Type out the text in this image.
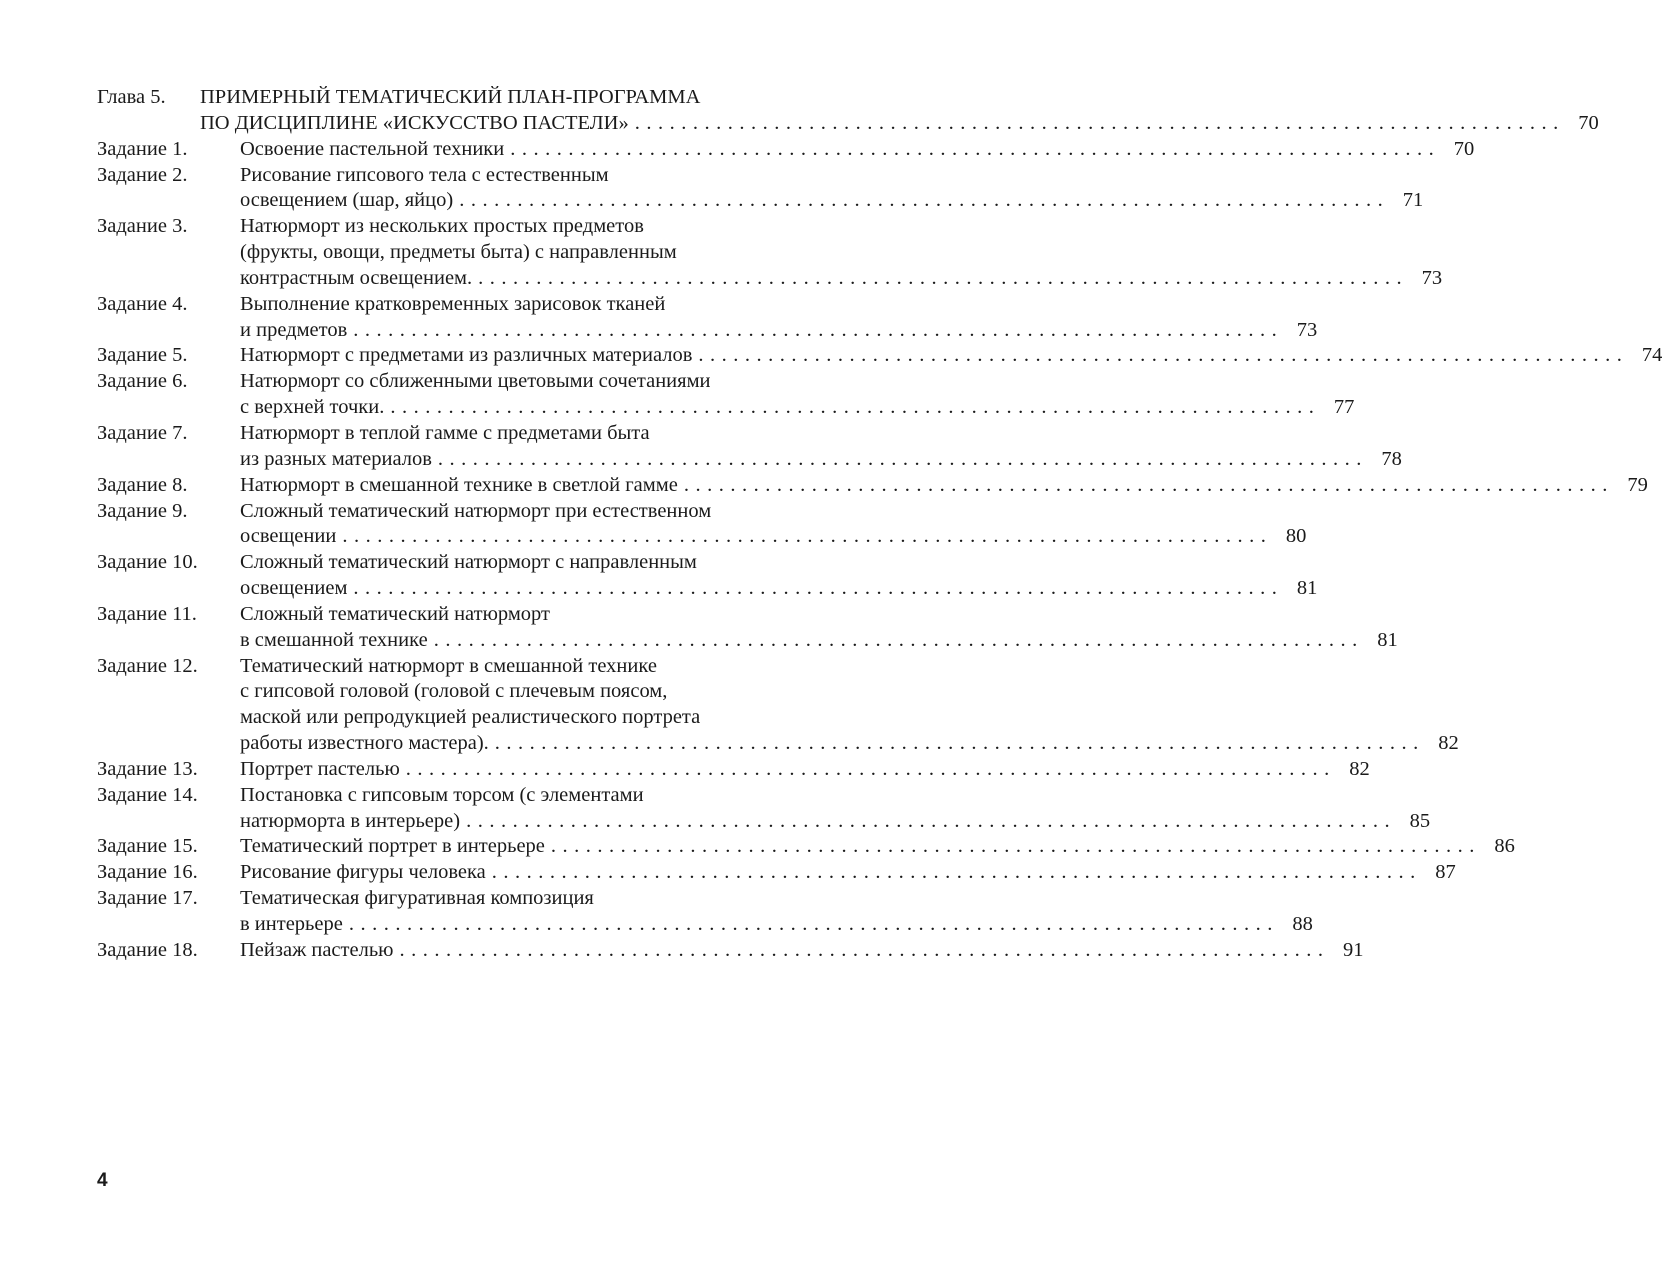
Глава 5.	ПРИМЕРНЫЙ ТЕМАТИЧЕСКИЙ ПЛАН-ПРОГРАММА
ПО ДИСЦИПЛИНЕ «ИСКУССТВО ПАСТЕЛИ» ................................................................................ 70
Задание 1.	Освоение пастельной техники ................................................................................ 70
Задание 2.	Рисование гипсового тела с естественным
освещением (шар, яйцо) ................................................................................ 71
Задание 3.	Натюрморт из нескольких простых предметов
(фрукты, овощи, предметы быта) с направленным
контрастным освещением. ................................................................................ 73
Задание 4.	Выполнение кратковременных зарисовок тканей
и предметов ................................................................................ 73
Задание 5.	Натюрморт с предметами из различных материалов ................................................................................ 74
Задание 6.	Натюрморт со сближенными цветовыми сочетаниями
с верхней точки. ................................................................................ 77
Задание 7.	Натюрморт в теплой гамме с предметами быта
из разных материалов ................................................................................ 78
Задание 8.	Натюрморт в смешанной технике в светлой гамме ................................................................................ 79
Задание 9.	Сложный тематический натюрморт при естественном
освещении ................................................................................ 80
Задание 10.	Сложный тематический натюрморт с направленным
освещением ................................................................................ 81
Задание 11.	Сложный тематический натюрморт
в смешанной технике ................................................................................ 81
Задание 12.	Тематический натюрморт в смешанной технике
с гипсовой головой (головой с плечевым поясом,
маской или репродукцией реалистического портрета
работы известного мастера). ................................................................................ 82
Задание 13.	Портрет пастелью ................................................................................ 82
Задание 14.	Постановка с гипсовым торсом (с элементами
натюрморта в интерьере) ................................................................................ 85
Задание 15.	Тематический портрет в интерьере ................................................................................ 86
Задание 16.	Рисование фигуры человека ................................................................................ 87
Задание 17.	Тематическая фигуративная композиция
в интерьере ................................................................................ 88
Задание 18.	Пейзаж пастелью ................................................................................ 91
4
